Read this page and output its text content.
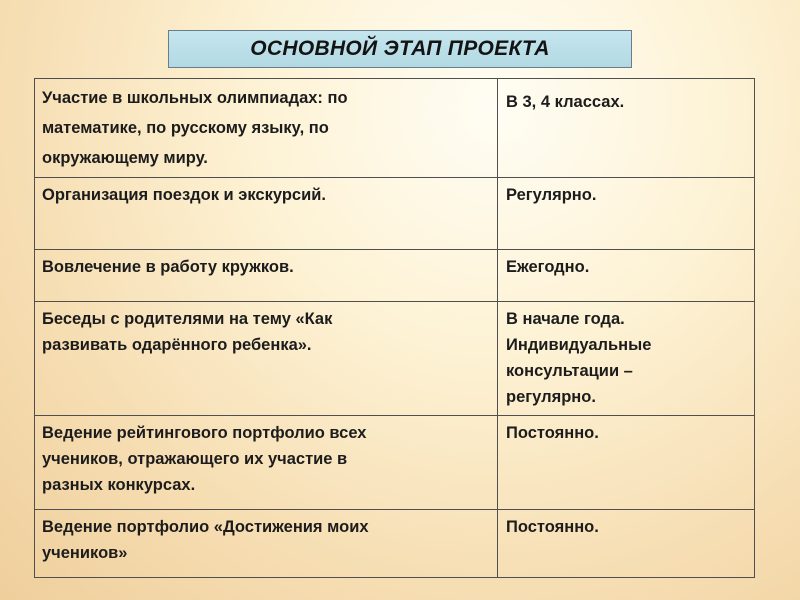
ОСНОВНОЙ ЭТАП ПРОЕКТА
Участие в школьных олимпиадах: по
математике, по русскому языку, по
окружающему миру.	В 3, 4 классах.

Организация поездок и экскурсий.	Регулярно.

Вовлечение в работу кружков.	Ежегодно.

Беседы с родителями на тему «Как
развивать одарённого ребенка».	В начале года.
Индивидуальные
консультации –
регулярно.

Ведение рейтингового портфолио всех
учеников, отражающего их участие в
разных конкурсах.	Постоянно.

Ведение портфолио «Достижения моих
учеников»	Постоянно.
